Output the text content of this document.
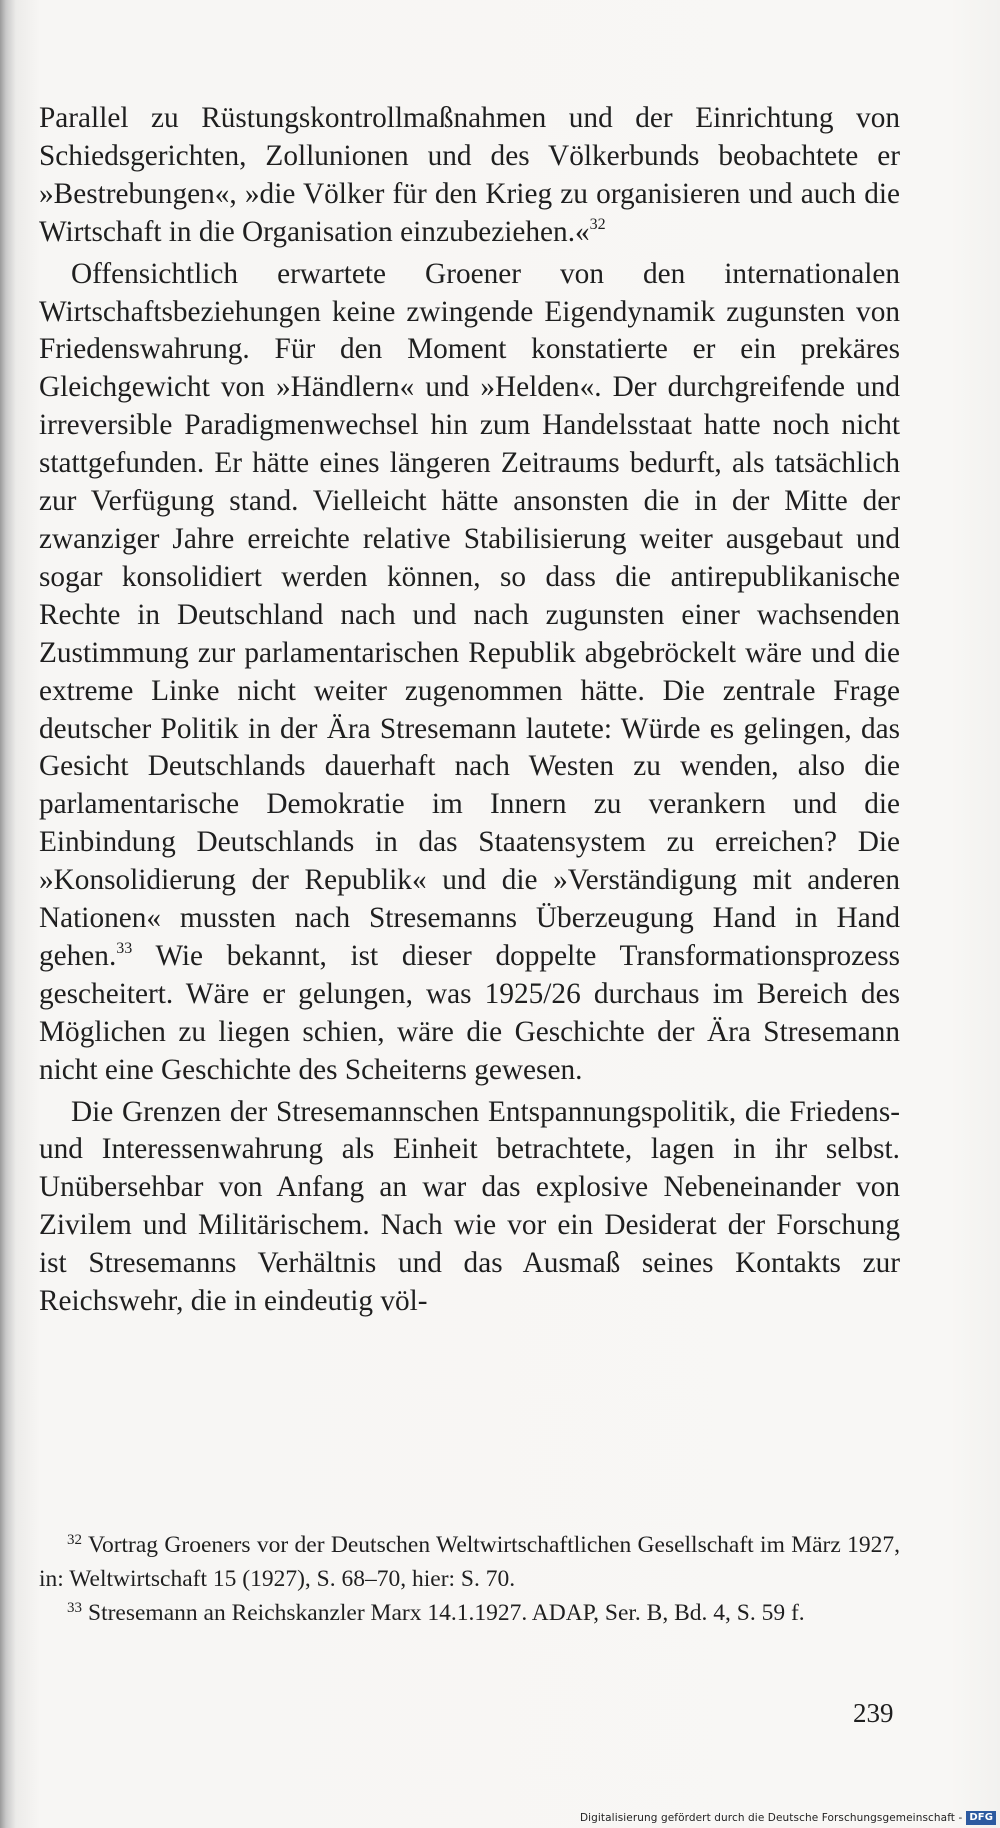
Parallel zu Rüstungskontrollmaßnahmen und der Einrichtung von Schiedsgerichten, Zollunionen und des Völkerbunds beobachtete er »Bestrebungen«, »die Völker für den Krieg zu organisieren und auch die Wirtschaft in die Organisation einzubeziehen.«$^{32}$

Offensichtlich erwartete Groener von den internationalen Wirtschaftsbeziehungen keine zwingende Eigendynamik zugunsten von Friedenswahrung. Für den Moment konstatierte er ein prekäres Gleichgewicht von »Händlern« und »Helden«. Der durchgreifende und irreversible Paradigmenwechsel hin zum Handelsstaat hatte noch nicht stattgefunden. Er hätte eines längeren Zeitraums bedurft, als tatsächlich zur Verfügung stand. Vielleicht hätte ansonsten die in der Mitte der zwanziger Jahre erreichte relative Stabilisierung weiter ausgebaut und sogar konsolidiert werden können, so dass die antirepublikanische Rechte in Deutschland nach und nach zugunsten einer wachsenden Zustimmung zur parlamentarischen Republik abgebröckelt wäre und die extreme Linke nicht weiter zugenommen hätte. Die zentrale Frage deutscher Politik in der Ära Stresemann lautete: Würde es gelingen, das Gesicht Deutschlands dauerhaft nach Westen zu wenden, also die parlamentarische Demokratie im Innern zu verankern und die Einbindung Deutschlands in das Staatensystem zu erreichen? Die »Konsolidierung der Republik« und die »Verständigung mit anderen Nationen« mussten nach Stresemanns Überzeugung Hand in Hand gehen.$^{33}$ Wie bekannt, ist dieser doppelte Transformationsprozess gescheitert. Wäre er gelungen, was 1925/26 durchaus im Bereich des Möglichen zu liegen schien, wäre die Geschichte der Ära Stresemann nicht eine Geschichte des Scheiterns gewesen.

Die Grenzen der Stresemannschen Entspannungspolitik, die Friedens- und Interessenwahrung als Einheit betrachtete, lagen in ihr selbst. Unübersehbar von Anfang an war das explosive Nebeneinander von Zivilem und Militärischem. Nach wie vor ein Desiderat der Forschung ist Stresemanns Verhältnis und das Ausmaß seines Kontakts zur Reichswehr, die in eindeutig völ-

$^{32}$ Vortrag Groeners vor der Deutschen Weltwirtschaftlichen Gesellschaft im März 1927, in: Weltwirtschaft 15 (1927), S. 68–70, hier: S. 70.

$^{33}$ Stresemann an Reichskanzler Marx 14.1.1927. ADAP, Ser. B, Bd. 4, S. 59 f.

239
Digitalisierung gefördert durch die Deutsche Forschungsgemeinschaft - DFG
